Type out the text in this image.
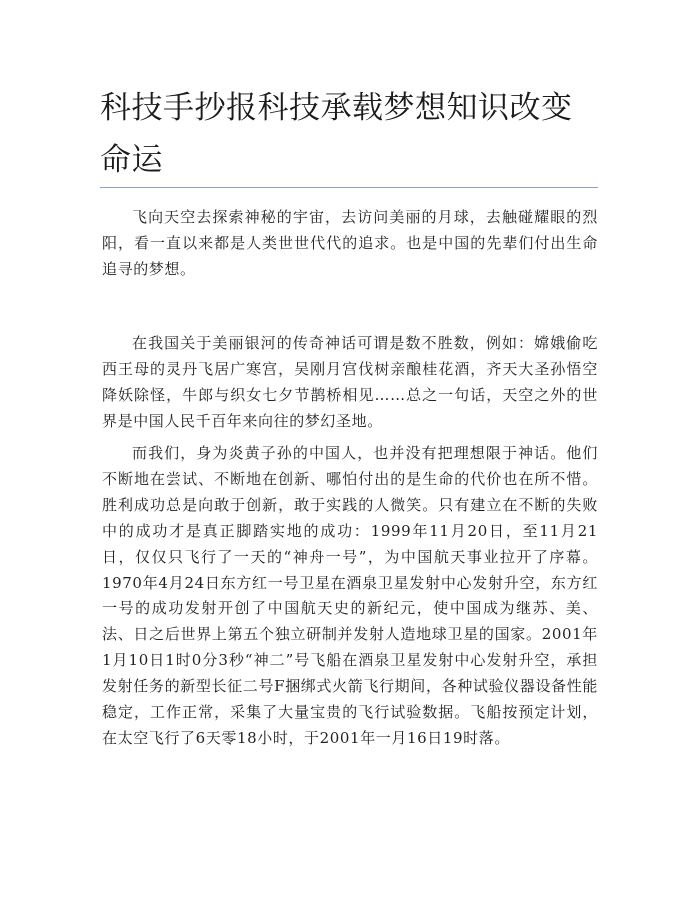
科技手抄报科技承载梦想知识改变命运

飞向天空去探索神秘的宇宙，去访问美丽的月球，去触碰耀眼的烈阳，看一直以来都是人类世世代代的追求。也是中国的先辈们付出生命追寻的梦想。

在我国关于美丽银河的传奇神话可谓是数不胜数，例如：嫦娥偷吃西王母的灵丹飞居广寒宫，吴刚月宫伐树亲酿桂花酒，齐天大圣孙悟空降妖除怪，牛郎与织女七夕节鹊桥相见……总之一句话，天空之外的世界是中国人民千百年来向往的梦幻圣地。

而我们，身为炎黄子孙的中国人，也并没有把理想限于神话。他们不断地在尝试、不断地在创新、哪怕付出的是生命的代价也在所不惜。胜利成功总是向敢于创新，敢于实践的人微笑。只有建立在不断的失败中的成功才是真正脚踏实地的成功：1999年11月20日，至11月21日，仅仅只飞行了一天的“神舟一号”，为中国航天事业拉开了序幕。1970年4月24日东方红一号卫星在酒泉卫星发射中心发射升空，东方红一号的成功发射开创了中国航天史的新纪元，使中国成为继苏、美、法、日之后世界上第五个独立研制并发射人造地球卫星的国家。2001年1月10日1时0分3秒“神二”号飞船在酒泉卫星发射中心发射升空，承担发射任务的新型长征二号F捆绑式火箭飞行期间，各种试验仪器设备性能稳定，工作正常，采集了大量宝贵的飞行试验数据。飞船按预定计划，在太空飞行了6天零18小时，于2001年一月16日19时落。
